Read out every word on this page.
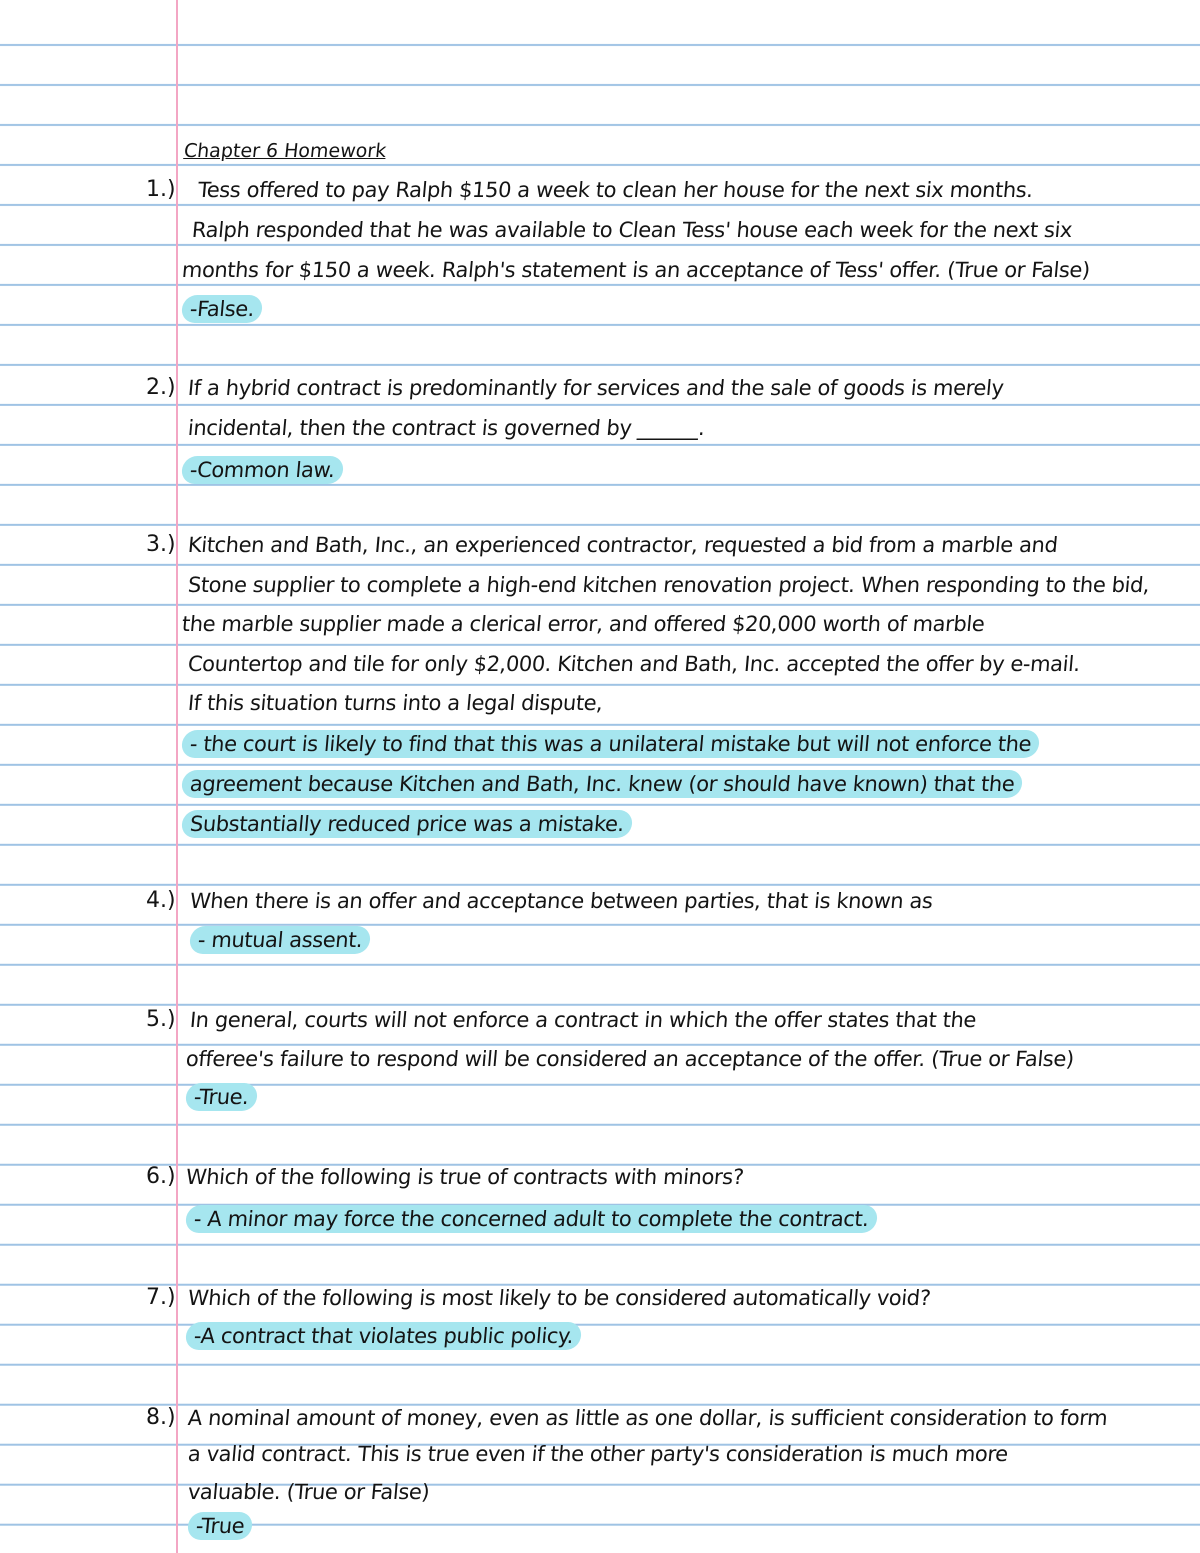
Chapter 6 Homework
1.) Tess offered to pay Ralph $150 a week to clean her house for the next six months.
Ralph responded that he was available to Clean Tess' house each week for the next six
months for $150 a week. Ralph's statement is an acceptance of Tess' offer. (True or False)
-False.
2.) If a hybrid contract is predominantly for services and the sale of goods is merely
incidental, then the contract is governed by ______.
-Common law.
3.) Kitchen and Bath, Inc., an experienced contractor, requested a bid from a marble and
Stone supplier to complete a high-end kitchen renovation project. When responding to the bid,
the marble supplier made a clerical error, and offered $20,000 worth of marble
Countertop and tile for only $2,000. Kitchen and Bath, Inc. accepted the offer by e-mail.
If this situation turns into a legal dispute,
- the court is likely to find that this was a unilateral mistake but will not enforce the
agreement because Kitchen and Bath, Inc. knew (or should have known) that the
Substantially reduced price was a mistake.
4.) When there is an offer and acceptance between parties, that is known as
- mutual assent.
5.) In general, courts will not enforce a contract in which the offer states that the
offeree's failure to respond will be considered an acceptance of the offer. (True or False)
-True.
6.) Which of the following is true of contracts with minors?
- A minor may force the concerned adult to complete the contract.
7.) Which of the following is most likely to be considered automatically void?
-A contract that violates public policy.
8.) A nominal amount of money, even as little as one dollar, is sufficient consideration to form
a valid contract. This is true even if the other party's consideration is much more
valuable. (True or False)
-True
